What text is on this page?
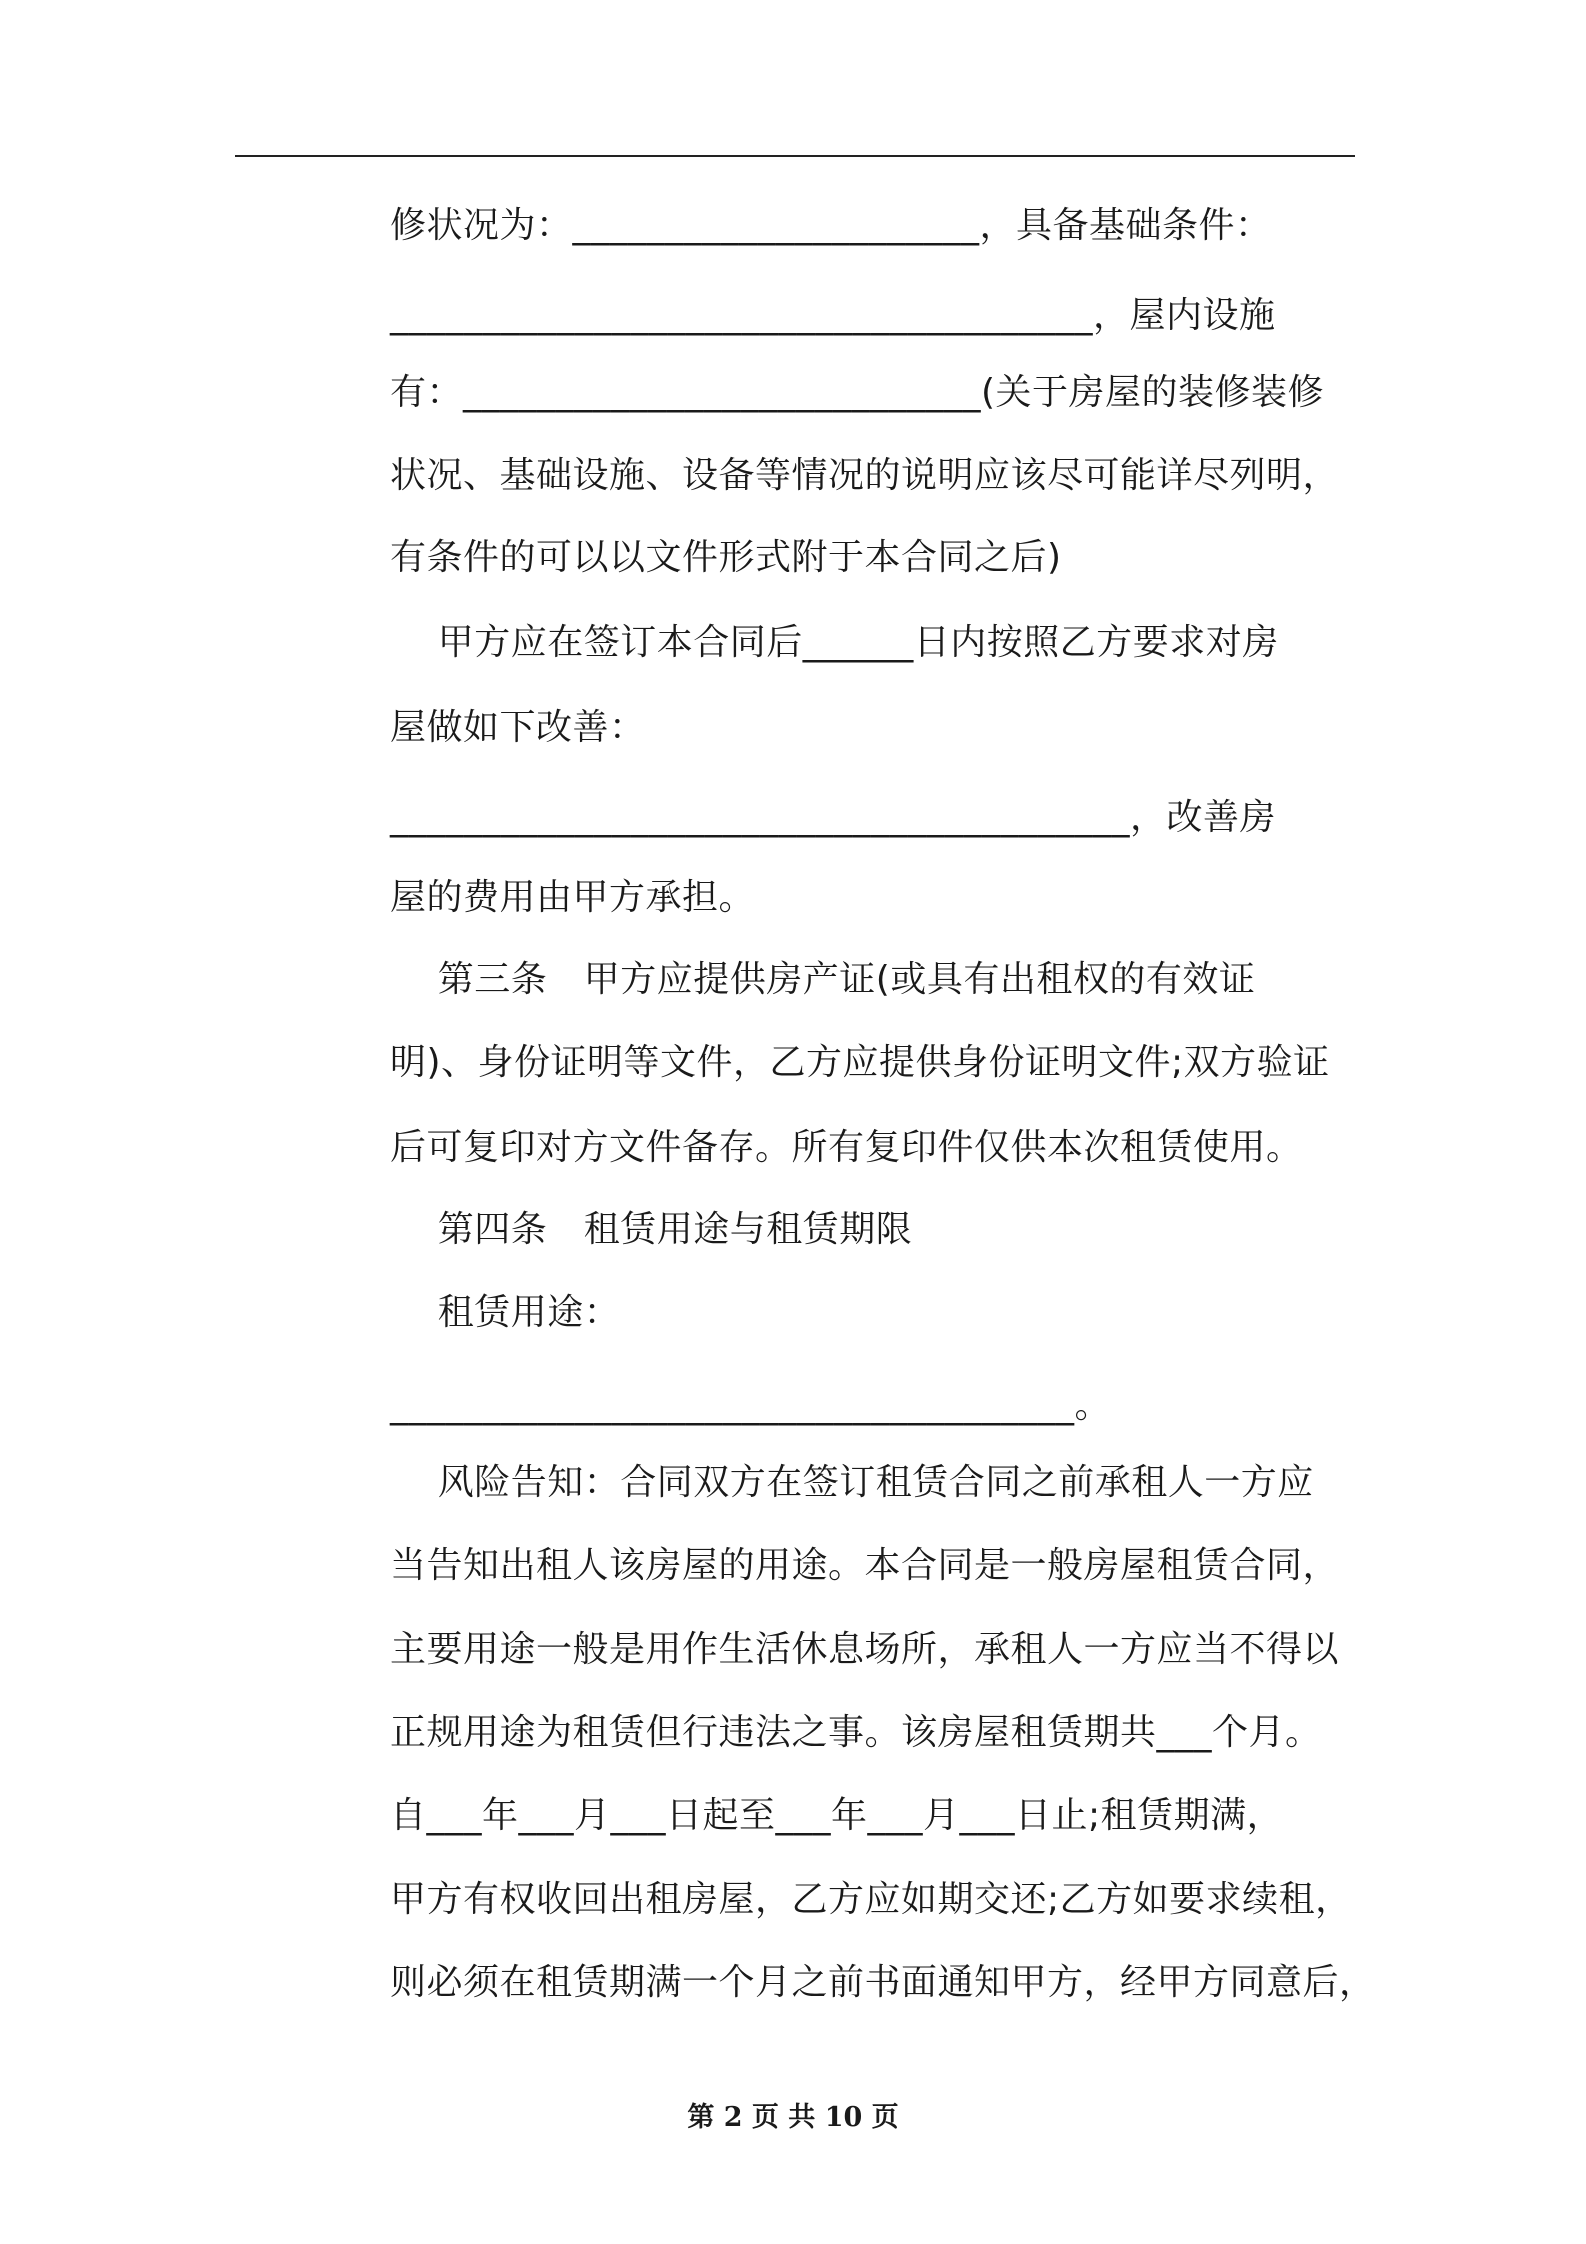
修状况为：______________________，具备基础条件：
______________________________________，屋内设施
有：____________________________(关于房屋的装修装修
状况、基础设施、设备等情况的说明应该尽可能详尽列明，
有条件的可以以文件形式附于本合同之后)
甲方应在签订本合同后______日内按照乙方要求对房
屋做如下改善：
________________________________________，改善房
屋的费用由甲方承担。
第三条　甲方应提供房产证(或具有出租权的有效证
明)、身份证明等文件，乙方应提供身份证明文件;双方验证
后可复印对方文件备存。所有复印件仅供本次租赁使用。
第四条　租赁用途与租赁期限
租赁用途：
_____________________________________。
风险告知：合同双方在签订租赁合同之前承租人一方应
当告知出租人该房屋的用途。本合同是一般房屋租赁合同，
主要用途一般是用作生活休息场所，承租人一方应当不得以
正规用途为租赁但行违法之事。该房屋租赁期共___个月。
自___年___月___日起至___年___月___日止;租赁期满，
甲方有权收回出租房屋，乙方应如期交还;乙方如要求续租，
则必须在租赁期满一个月之前书面通知甲方，经甲方同意后，
第 2 页 共 10 页
